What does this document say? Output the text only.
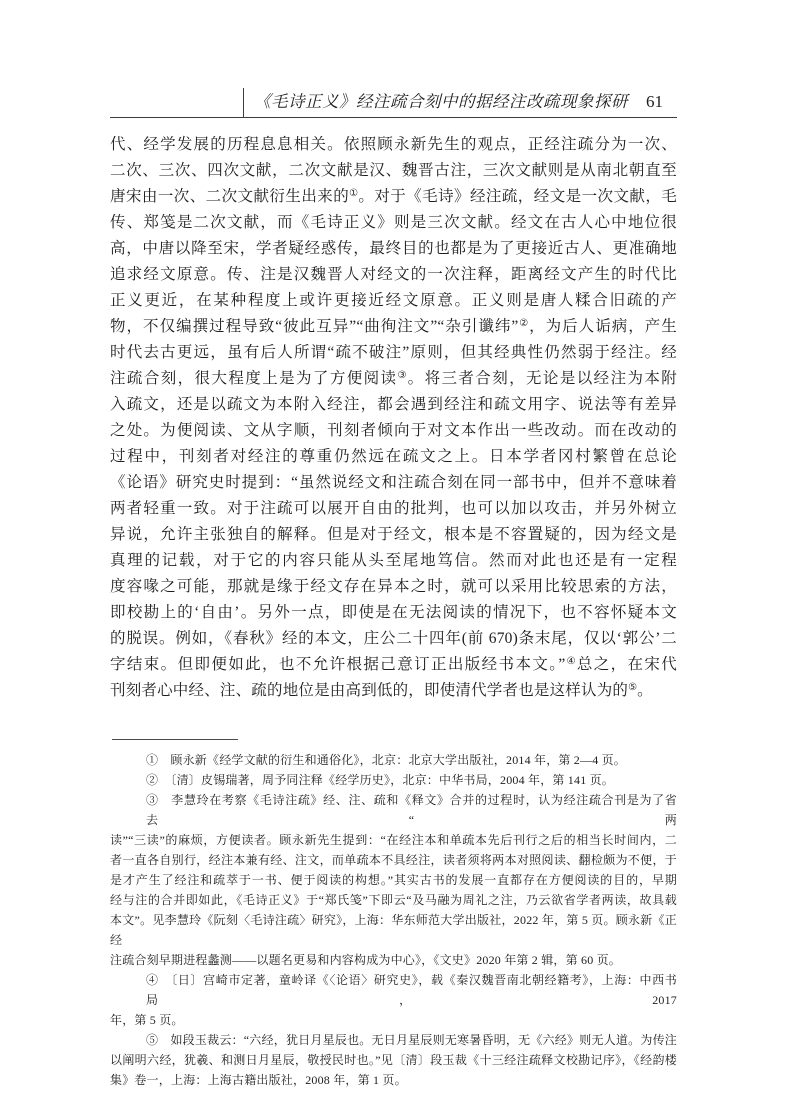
《毛诗正义》经注疏合刻中的据经注改疏现象探研	61
代、经学发展的历程息息相关。依照顾永新先生的观点，正经注疏分为一次、
二次、三次、四次文献，二次文献是汉、魏晋古注，三次文献则是从南北朝直至
唐宋由一次、二次文献衍生出来的①。对于《毛诗》经注疏，经文是一次文献，毛
传、郑笺是二次文献，而《毛诗正义》则是三次文献。经文在古人心中地位很
高，中唐以降至宋，学者疑经惑传，最终目的也都是为了更接近古人、更准确地
追求经文原意。传、注是汉魏晋人对经文的一次注释，距离经文产生的时代比
正义更近，在某种程度上或许更接近经文原意。正义则是唐人糅合旧疏的产
物，不仅编撰过程导致“彼此互异”“曲徇注文”“杂引谶纬”②，为后人诟病，产生
时代去古更远，虽有后人所谓“疏不破注”原则，但其经典性仍然弱于经注。经
注疏合刻，很大程度上是为了方便阅读③。将三者合刻，无论是以经注为本附
入疏文，还是以疏文为本附入经注，都会遇到经注和疏文用字、说法等有差异
之处。为便阅读、文从字顺，刊刻者倾向于对文本作出一些改动。而在改动的
过程中，刊刻者对经注的尊重仍然远在疏文之上。日本学者冈村繁曾在总论
《论语》研究史时提到：“虽然说经文和注疏合刻在同一部书中，但并不意味着
两者轻重一致。对于注疏可以展开自由的批判，也可以加以攻击，并另外树立
异说，允许主张独自的解释。但是对于经文，根本是不容置疑的，因为经文是
真理的记载，对于它的内容只能从头至尾地笃信。然而对此也还是有一定程
度容喙之可能，那就是缘于经文存在异本之时，就可以采用比较思索的方法，
即校勘上的‘自由’。另外一点，即使是在无法阅读的情况下，也不容怀疑本文
的脱误。例如，《春秋》经的本文，庄公二十四年(前 670)条末尾，仅以‘郭公’二
字结束。但即便如此，也不允许根据己意订正出版经书本文。”④总之，在宋代
刊刻者心中经、注、疏的地位是由高到低的，即使清代学者也是这样认为的⑤。
①　顾永新《经学文献的衍生和通俗化》，北京：北京大学出版社，2014 年，第 2—4 页。
②　〔清〕皮锡瑞著，周予同注释《经学历史》，北京：中华书局，2004 年，第 141 页。
③　李慧玲在考察《毛诗注疏》经、注、疏和《释文》合并的过程时，认为经注疏合刊是为了省去“两
读”“三读”的麻烦，方便读者。顾永新先生提到：“在经注本和单疏本先后刊行之后的相当长时间内，二
者一直各自别行，经注本兼有经、注文，而单疏本不具经注，读者须将两本对照阅读、翻检颇为不便，于
是才产生了经注和疏萃于一书、便于阅读的构想。”其实古书的发展一直都存在方便阅读的目的，早期
经与注的合并即如此，《毛诗正义》于“郑氏笺”下即云“及马融为周礼之注，乃云欲省学者两读，故具载
本文”。见李慧玲《阮刻〈毛诗注疏〉研究》，上海：华东师范大学出版社，2022 年，第 5 页。顾永新《正经
注疏合刻早期进程蠡测——以题名更易和内容构成为中心》，《文史》2020 年第 2 辑，第 60 页。
④　〔日〕宫崎市定著，童岭译《〈论语〉研究史》，载《秦汉魏晋南北朝经籍考》，上海：中西书局，2017
年，第 5 页。
⑤　如段玉裁云：“六经，犹日月星辰也。无日月星辰则无寒暑昏明，无《六经》则无人道。为传注
以阐明六经，犹羲、和测日月星辰，敬授民时也。”见〔清〕段玉裁《十三经注疏释文校勘记序》，《经韵楼
集》卷一，上海：上海古籍出版社，2008 年，第 1 页。
